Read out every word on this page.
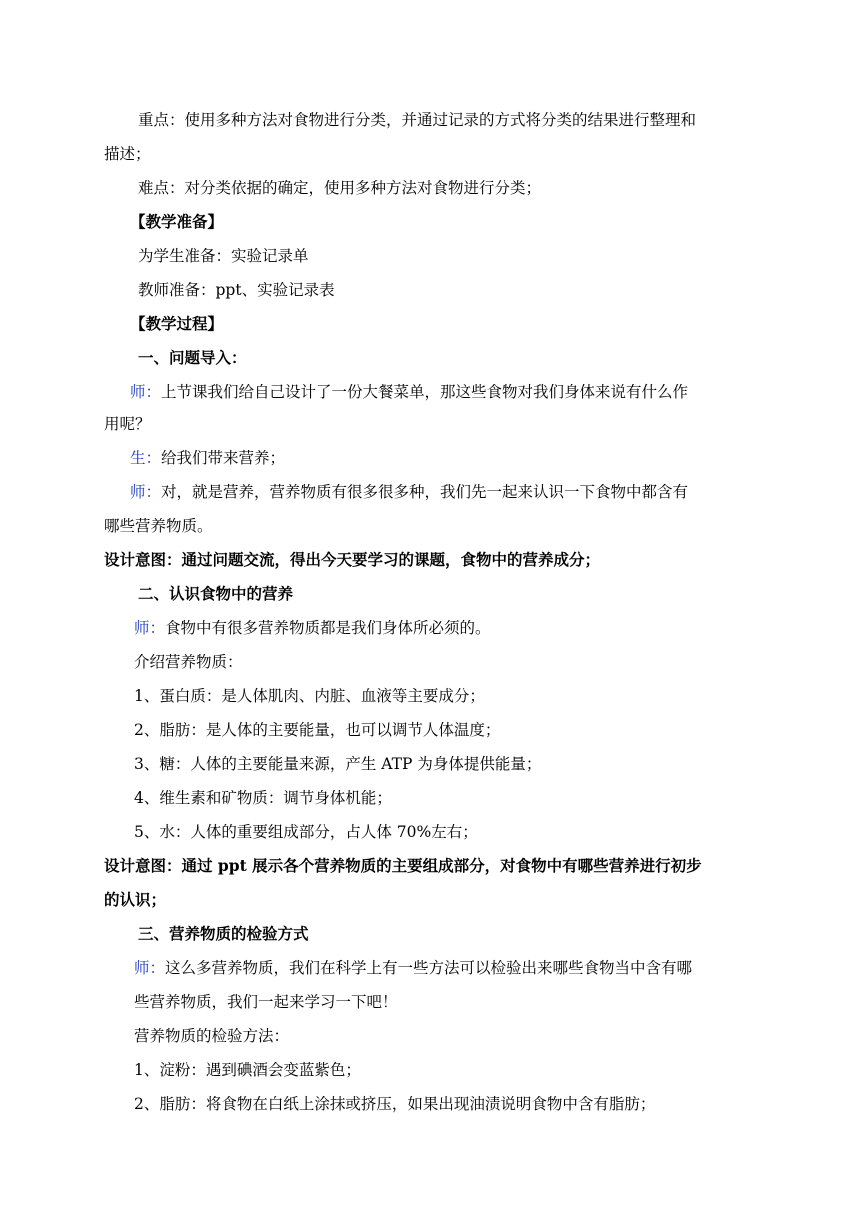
重点：使用多种方法对食物进行分类，并通过记录的方式将分类的结果进行整理和
描述；
难点：对分类依据的确定，使用多种方法对食物进行分类；
【教学准备】
为学生准备：实验记录单
教师准备：ppt、实验记录表
【教学过程】
一、问题导入：
师：上节课我们给自己设计了一份大餐菜单，那这些食物对我们身体来说有什么作
用呢？
生：给我们带来营养；
师：对，就是营养，营养物质有很多很多种，我们先一起来认识一下食物中都含有
哪些营养物质。
设计意图：通过问题交流，得出今天要学习的课题，食物中的营养成分；
二、认识食物中的营养
师：食物中有很多营养物质都是我们身体所必须的。
介绍营养物质：
1、蛋白质：是人体肌肉、内脏、血液等主要成分；
2、脂肪：是人体的主要能量，也可以调节人体温度；
3、糖：人体的主要能量来源，产生 ATP 为身体提供能量；
4、维生素和矿物质：调节身体机能；
5、水：人体的重要组成部分，占人体 70%左右；
设计意图：通过 ppt 展示各个营养物质的主要组成部分，对食物中有哪些营养进行初步
的认识；
三、营养物质的检验方式
师：这么多营养物质，我们在科学上有一些方法可以检验出来哪些食物当中含有哪
些营养物质，我们一起来学习一下吧！
营养物质的检验方法：
1、淀粉：遇到碘酒会变蓝紫色；
2、脂肪：将食物在白纸上涂抹或挤压，如果出现油渍说明食物中含有脂肪；
